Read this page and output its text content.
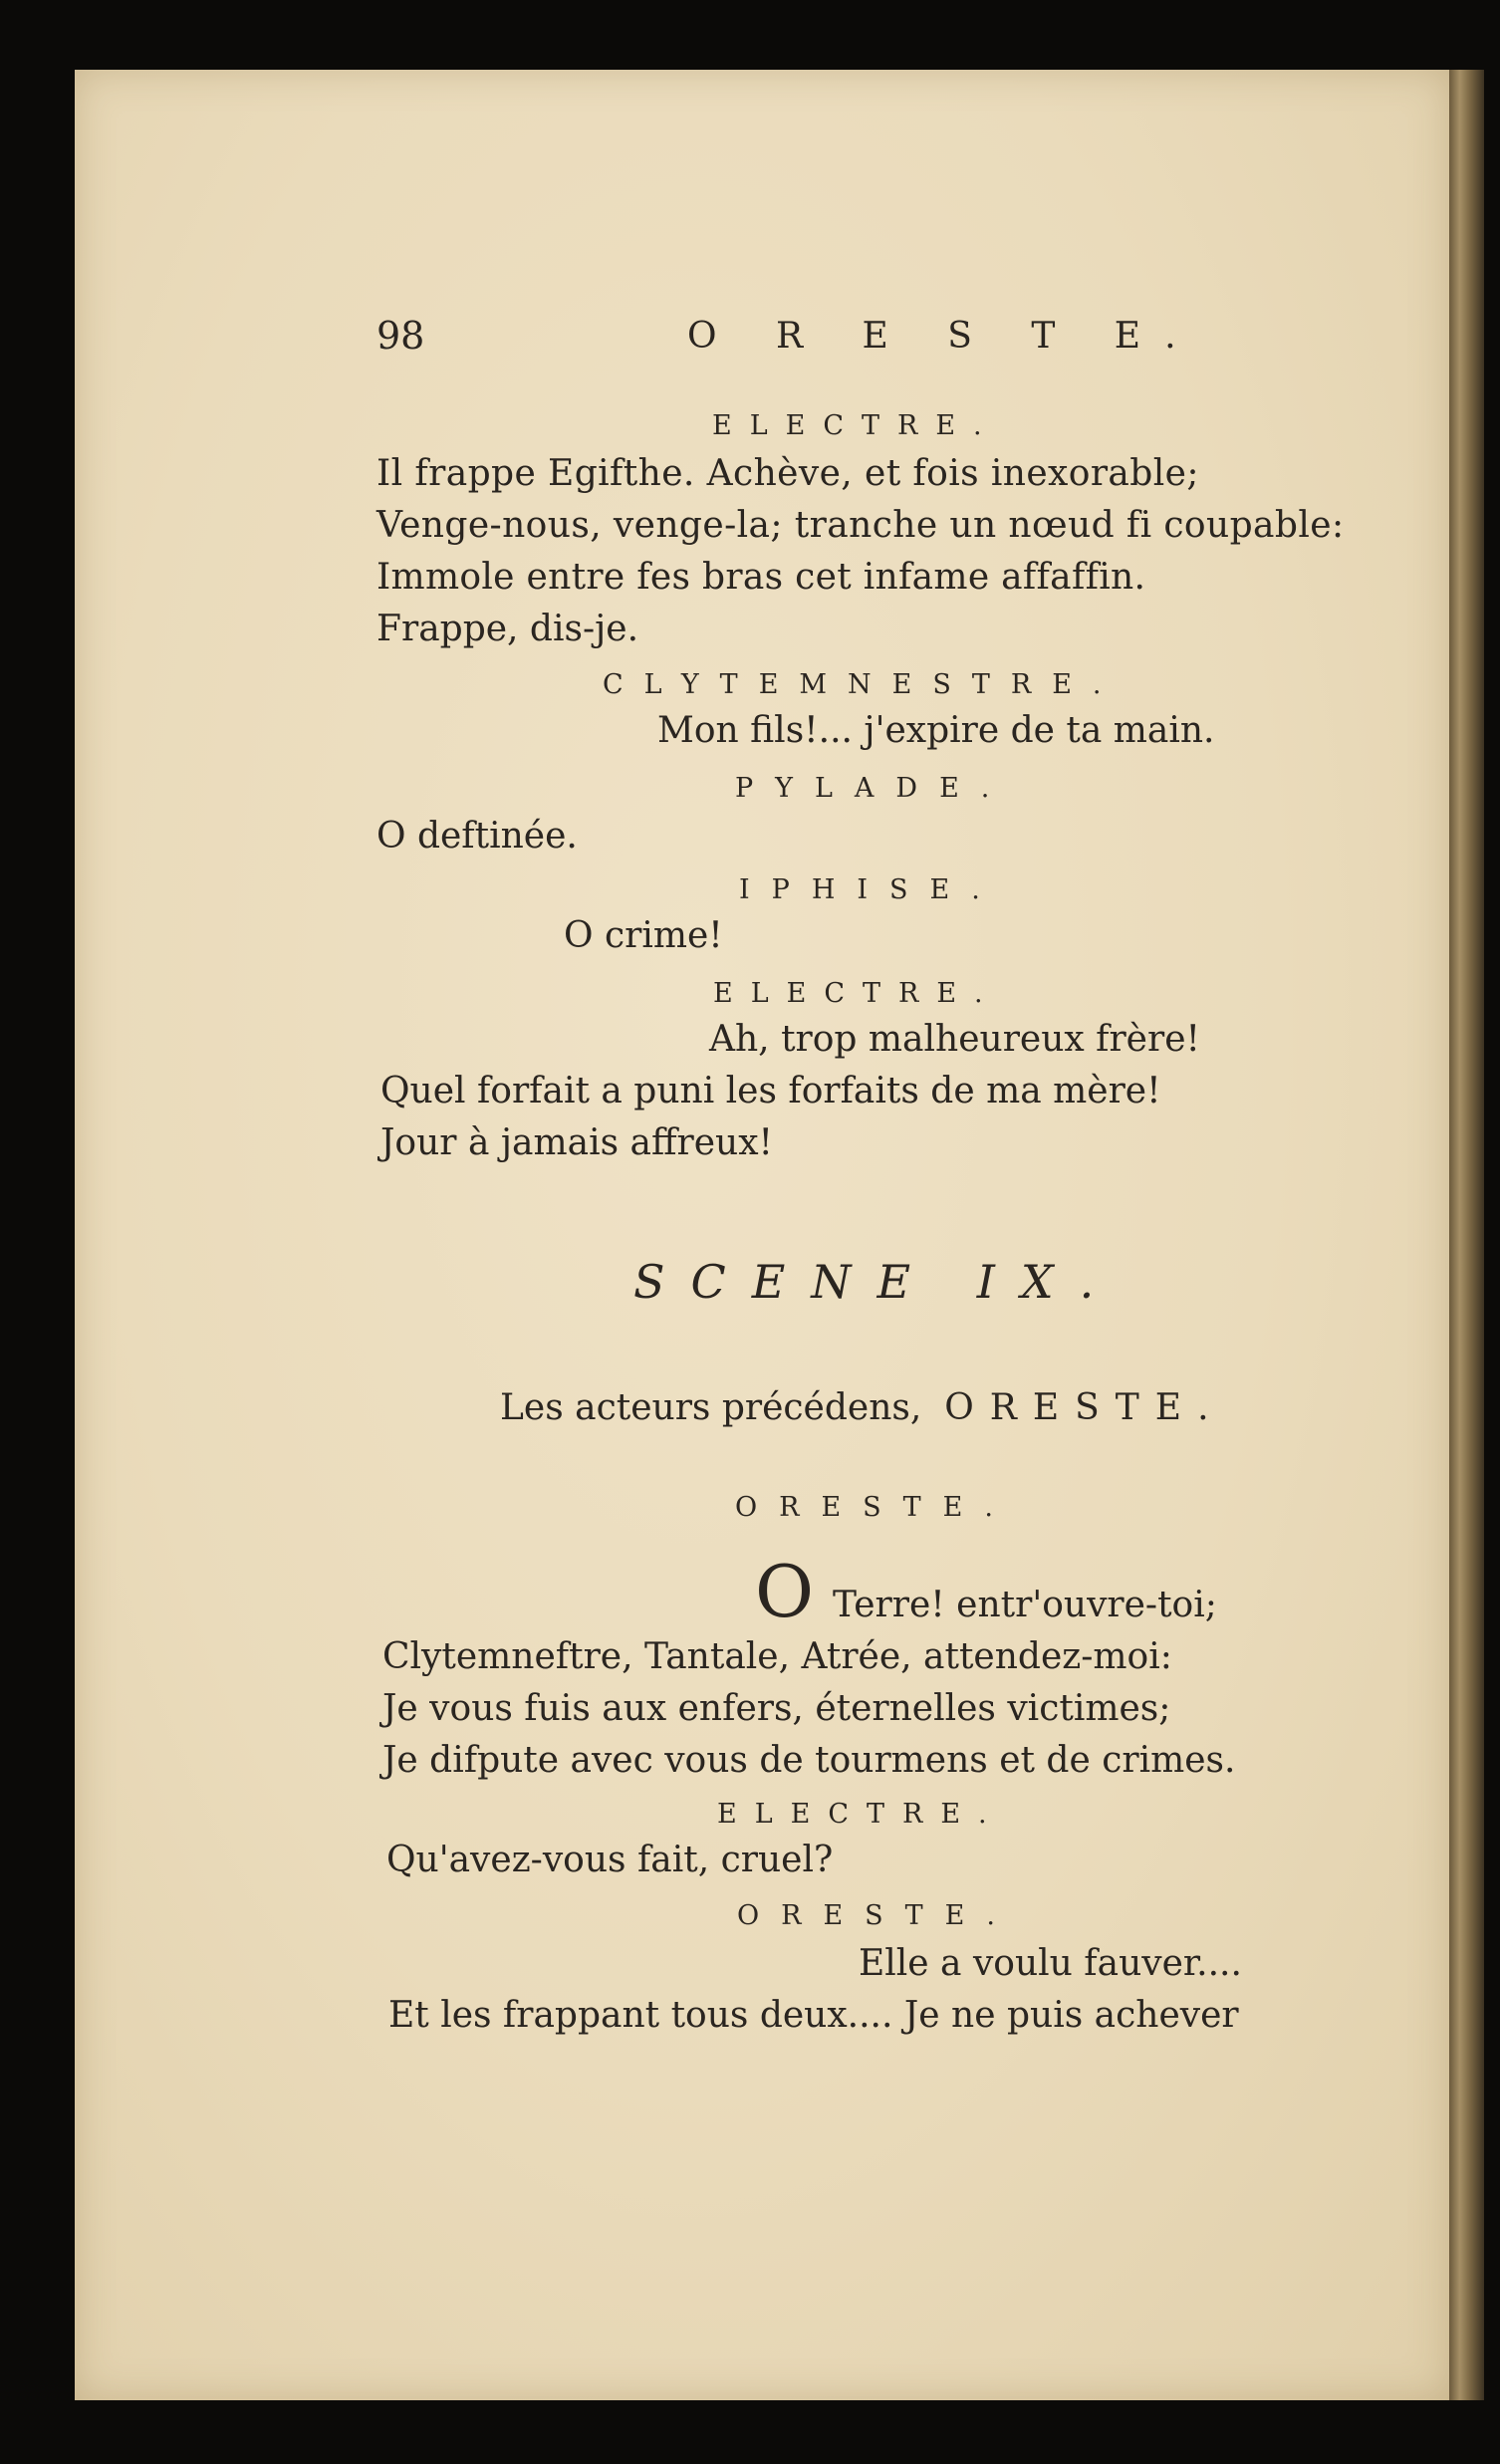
98	O R E S T E.
ELECTRE.
Il frappe Egifthe. Achève, et fois inexorable;
Venge-nous, venge-la; tranche un nœud fi coupable:
Immole entre fes bras cet infame affaffin.
Frappe, dis-je.
CLYTEMNESTRE.
Mon fils!... j'expire de ta main.
PYLADE.
O deftinée.
IPHISE.
O crime!
ELECTRE.
Ah, trop malheureux frère!
Quel forfait a puni les forfaits de ma mère!
Jour à jamais affreux!
SCENE IX.
Les acteurs précédens, ORESTE.
ORESTE.
O Terre! entr'ouvre-toi;
Clytemneftre, Tantale, Atrée, attendez-moi:
Je vous fuis aux enfers, éternelles victimes;
Je difpute avec vous de tourmens et de crimes.
ELECTRE.
Qu'avez-vous fait, cruel?
ORESTE.
Elle a voulu fauver....
Et les frappant tous deux.... Je ne puis achever
